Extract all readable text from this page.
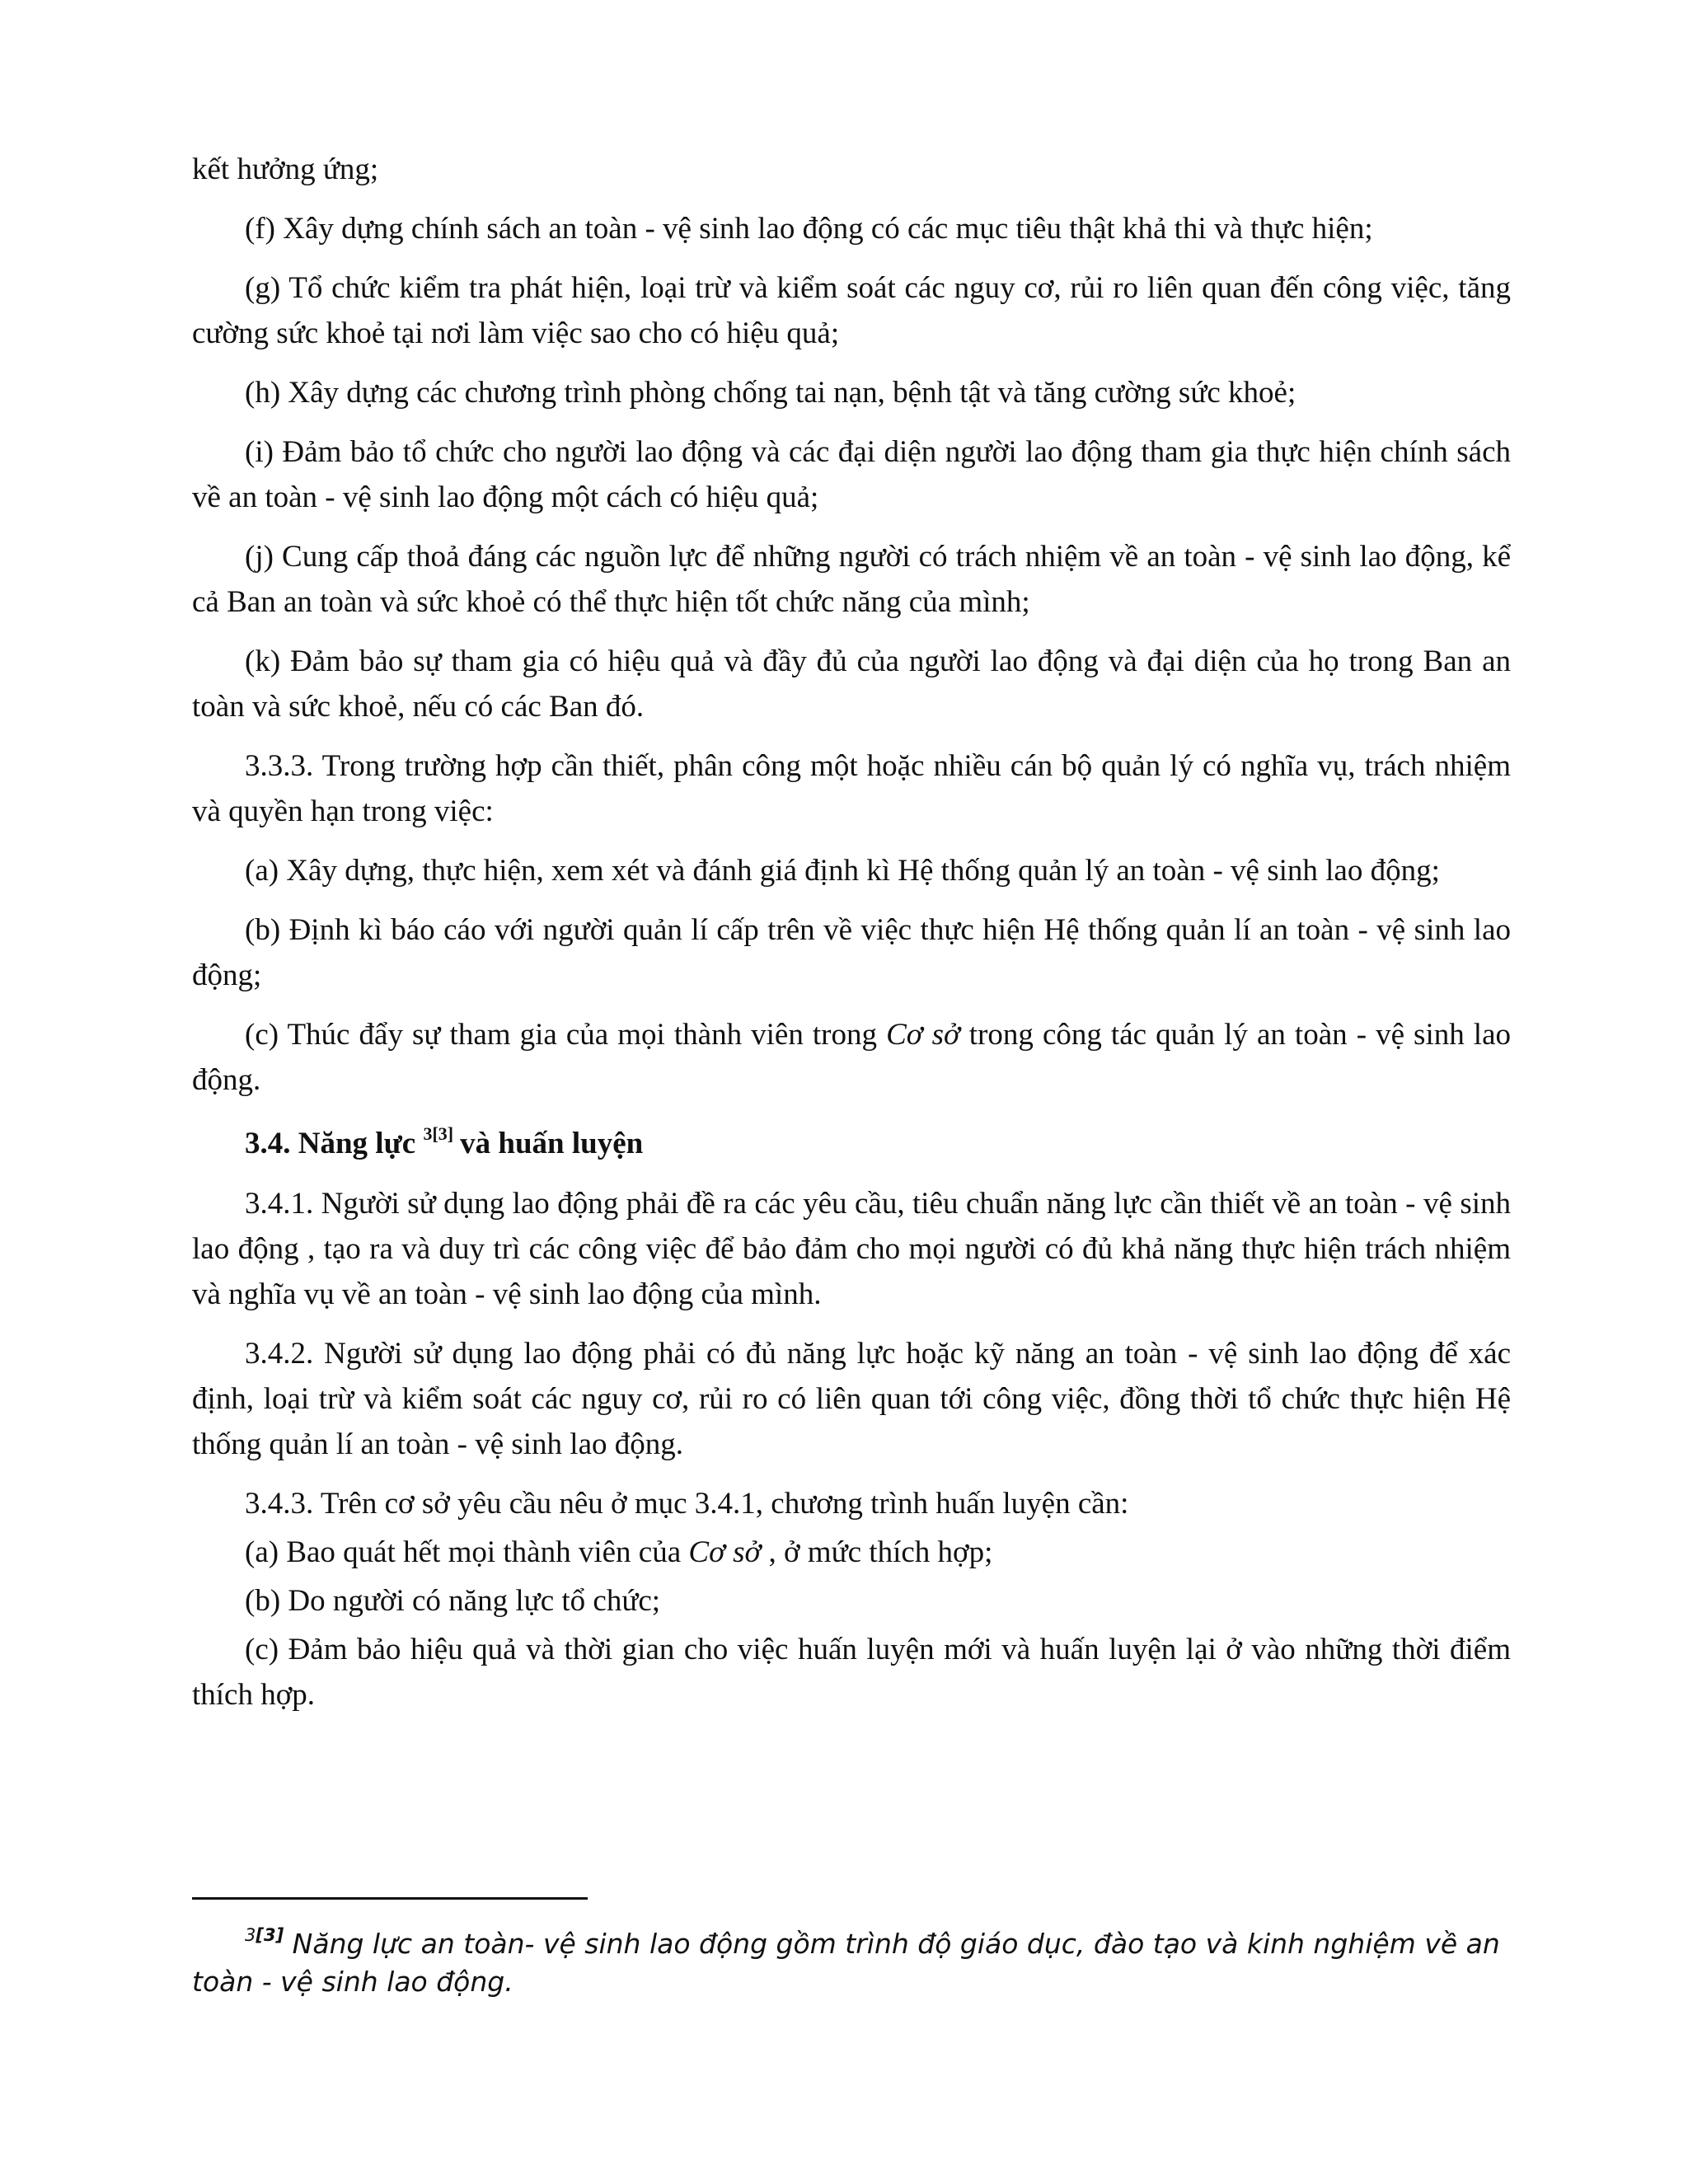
kết hưởng ứng;

(f) Xây dựng chính sách an toàn - vệ sinh lao động có các mục tiêu thật khả thi và thực hiện;

(g) Tổ chức kiểm tra phát hiện, loại trừ và kiểm soát các nguy cơ, rủi ro liên quan đến công việc, tăng cường sức khoẻ tại nơi làm việc sao cho có hiệu quả;

(h) Xây dựng các chương trình phòng chống tai nạn, bệnh tật và tăng cường sức khoẻ;

(i) Đảm bảo tổ chức cho người lao động và các đại diện người lao động tham gia thực hiện chính sách về an toàn - vệ sinh lao động một cách có hiệu quả;

(j) Cung cấp thoả đáng các nguồn lực để những người có trách nhiệm về an toàn - vệ sinh lao động, kể cả Ban an toàn và sức khoẻ có thể thực hiện tốt chức năng của mình;

(k) Đảm bảo sự tham gia có hiệu quả và đầy đủ của người lao động và đại diện của họ trong Ban an toàn và sức khoẻ, nếu có các Ban đó.

3.3.3. Trong trường hợp cần thiết, phân công một hoặc nhiều cán bộ quản lý có nghĩa vụ, trách nhiệm và quyền hạn trong việc:

(a) Xây dựng, thực hiện, xem xét và đánh giá định kì Hệ thống quản lý an toàn - vệ sinh lao động;

(b) Định kì báo cáo với người quản lí cấp trên về việc thực hiện Hệ thống quản lí an toàn - vệ sinh lao động;

(c) Thúc đẩy sự tham gia của mọi thành viên trong Cơ sở trong công tác quản lý an toàn - vệ sinh lao động.

3.4. Năng lực $^{3[3]}$ và huấn luyện

3.4.1. Người sử dụng lao động phải đề ra các yêu cầu, tiêu chuẩn năng lực cần thiết về an toàn - vệ sinh lao động , tạo ra và duy trì các công việc để bảo đảm cho mọi người có đủ khả năng thực hiện trách nhiệm và nghĩa vụ về an toàn - vệ sinh lao động của mình.

3.4.2. Người sử dụng lao động phải có đủ năng lực hoặc kỹ năng an toàn - vệ sinh lao động để xác định, loại trừ và kiểm soát các nguy cơ, rủi ro có liên quan tới công việc, đồng thời tổ chức thực hiện Hệ thống quản lí an toàn - vệ sinh lao động.

3.4.3. Trên cơ sở yêu cầu nêu ở mục 3.4.1, chương trình huấn luyện cần:

(a) Bao quát hết mọi thành viên của Cơ sở , ở mức thích hợp;

(b) Do người có năng lực tổ chức;

(c) Đảm bảo hiệu quả và thời gian cho việc huấn luyện mới và huấn luyện lại ở vào những thời điểm thích hợp.

$^{3[3]}$ Năng lực an toàn- vệ sinh lao động gồm trình độ giáo dục, đào tạo và kinh nghiệm về an toàn - vệ sinh lao động.
